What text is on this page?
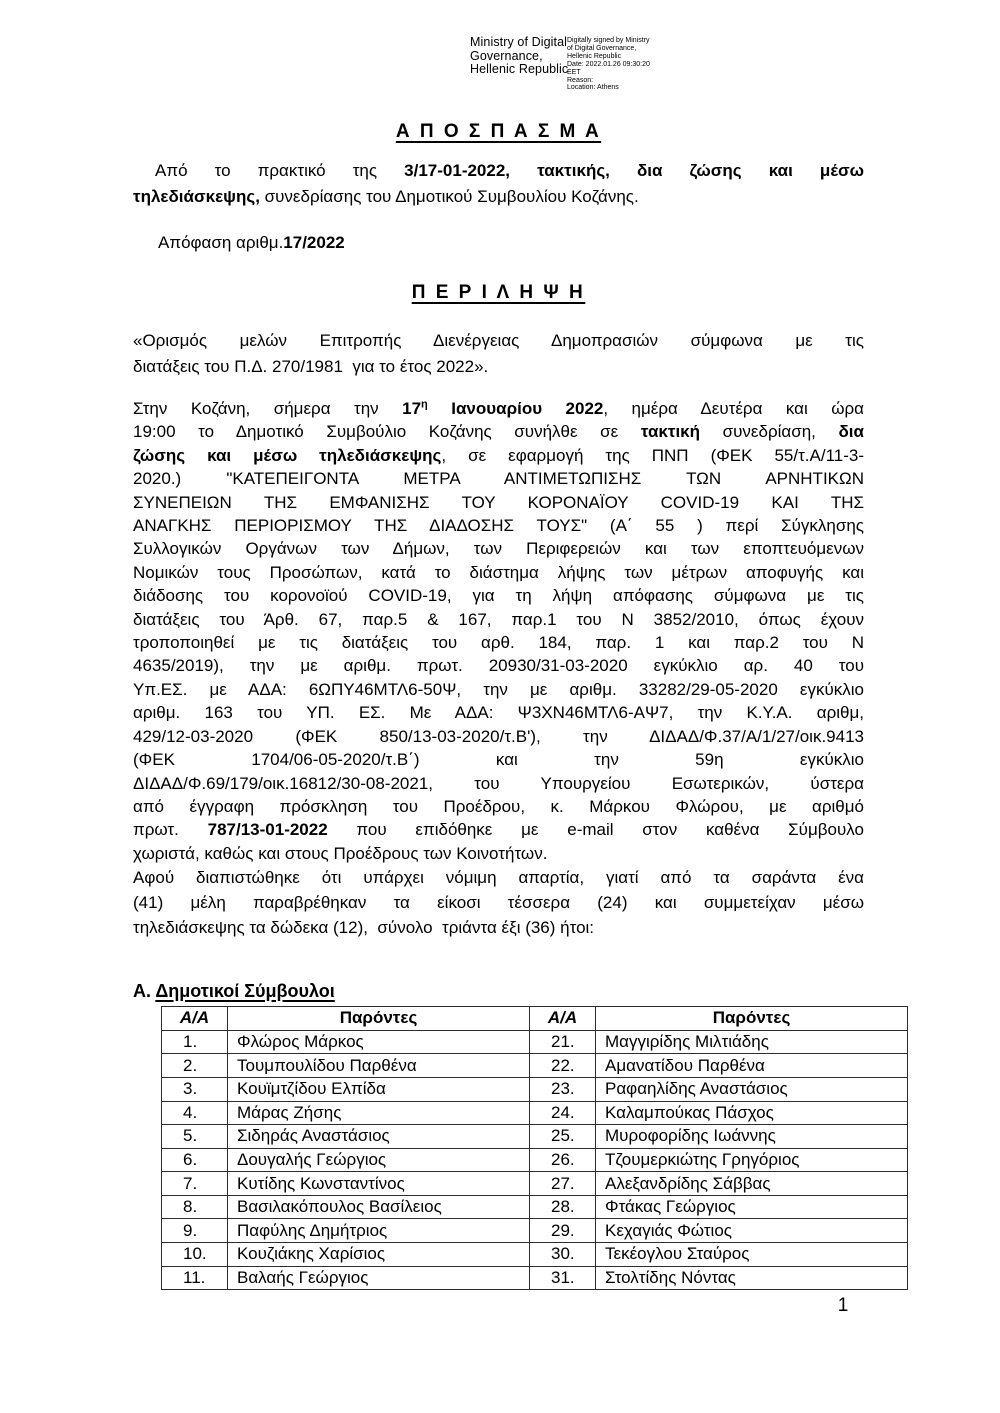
Ministry of Digital
Governance,
Hellenic Republic
Digitally signed by Ministry
of Digital Governance,
Hellenic Republic
Date: 2022.01.26 09:30:20
EET
Reason:
Location: Athens
Α Π Ο Σ Π Α Σ Μ Α
Από το πρακτικό της 3/17-01-2022, τακτικής, δια ζώσης και μέσω
τηλεδιάσκεψης, συνεδρίασης του Δημοτικού Συμβουλίου Κοζάνης.
Απόφαση αριθμ.17/2022
Π Ε Ρ Ι Λ Η Ψ Η
«Ορισμός μελών Επιτροπής Διενέργειας Δημοπρασιών σύμφωνα με τις
διατάξεις του Π.Δ. 270/1981  για το έτος 2022».
Στην Κοζάνη, σήμερα την $17^\eta$ Ιανουαρίου 2022, ημέρα Δευτέρα και ώρα
19:00 το Δημοτικό Συμβούλιο Κοζάνης συνήλθε σε τακτική συνεδρίαση, δια
ζώσης και μέσω τηλεδιάσκεψης, σε εφαρμογή της ΠΝΠ (ΦΕΚ 55/τ.Α/11-3-
2020.) "ΚΑΤΕΠΕΙΓΟΝΤΑ ΜΕΤΡΑ ΑΝΤΙΜΕΤΩΠΙΣΗΣ ΤΩΝ ΑΡΝΗΤΙΚΩΝ
ΣΥΝΕΠΕΙΩΝ ΤΗΣ ΕΜΦΑΝΙΣΗΣ ΤΟΥ ΚΟΡΟΝΑΪΟΥ COVID-19 ΚΑΙ ΤΗΣ
ΑΝΑΓΚΗΣ ΠΕΡΙΟΡΙΣΜΟΥ ΤΗΣ ΔΙΑΔΟΣΗΣ ΤΟΥΣ" (Α΄ 55 ) περί Σύγκλησης
Συλλογικών Οργάνων των Δήμων, των Περιφερειών και των εποπτευόμενων
Νομικών τους Προσώπων, κατά το διάστημα λήψης των μέτρων αποφυγής και
διάδοσης του κορονοϊού COVID-19, για τη λήψη απόφασης σύμφωνα με τις
διατάξεις του Άρθ. 67, παρ.5 & 167, παρ.1 του Ν 3852/2010, όπως έχουν
τροποποιηθεί με τις διατάξεις του αρθ. 184, παρ. 1 και παρ.2 του Ν
4635/2019), την με αριθμ. πρωτ. 20930/31-03-2020 εγκύκλιο αρ. 40 του
Υπ.ΕΣ. με ΑΔΑ: 6ΩΠΥ46ΜΤΛ6-50Ψ, την με αριθμ. 33282/29-05-2020 εγκύκλιο
αριθμ. 163 του ΥΠ. ΕΣ. Με ΑΔΑ: Ψ3ΧΝ46ΜΤΛ6-ΑΨ7, την Κ.Υ.Α. αριθμ,
429/12-03-2020 (ΦΕΚ 850/13-03-2020/τ.Β'), την ΔΙΔΑΔ/Φ.37/Α/1/27/οικ.9413
(ΦΕΚ 1704/06-05-2020/τ.Β΄) και την 59η εγκύκλιο
ΔΙΔΑΔ/Φ.69/179/οικ.16812/30-08-2021, του Υπουργείου Εσωτερικών, ύστερα
από έγγραφη πρόσκληση του Προέδρου, κ. Μάρκου Φλώρου, με αριθμό
πρωτ. 787/13-01-2022 που επιδόθηκε με e-mail στον καθένα Σύμβουλο
χωριστά, καθώς και στους Προέδρους των Κοινοτήτων.
Αφού διαπιστώθηκε ότι υπάρχει νόμιμη απαρτία, γιατί από τα σαράντα ένα
(41) μέλη παραβρέθηκαν τα είκοσι τέσσερα (24) και συμμετείχαν μέσω
τηλεδιάσκεψης τα δώδεκα (12),  σύνολο  τριάντα έξι (36) ήτοι:
Α. Δημοτικοί Σύμβουλοι
Α/Α	Παρόντες	Α/Α	Παρόντες
1.	Φλώρος Μάρκος	21.	Μαγγιρίδης Μιλτιάδης
2.	Τουμπουλίδου Παρθένα	22.	Αμανατίδου Παρθένα
3.	Κουϊμτζίδου Ελπίδα	23.	Ραφαηλίδης Αναστάσιος
4.	Μάρας Ζήσης	24.	Καλαμπούκας Πάσχος
5.	Σιδηράς Αναστάσιος	25.	Μυροφορίδης Ιωάννης
6.	Δουγαλής Γεώργιος	26.	Τζουμερκιώτης Γρηγόριος
7.	Κυτίδης Κωνσταντίνος	27.	Αλεξανδρίδης Σάββας
8.	Βασιλακόπουλος Βασίλειος	28.	Φτάκας Γεώργιος
9.	Παφύλης Δημήτριος	29.	Κεχαγιάς Φώτιος
10.	Κουζιάκης Χαρίσιος	30.	Τεκέογλου Σταύρος
11.	Βαλαής Γεώργιος	31.	Στολτίδης Νόντας
1
